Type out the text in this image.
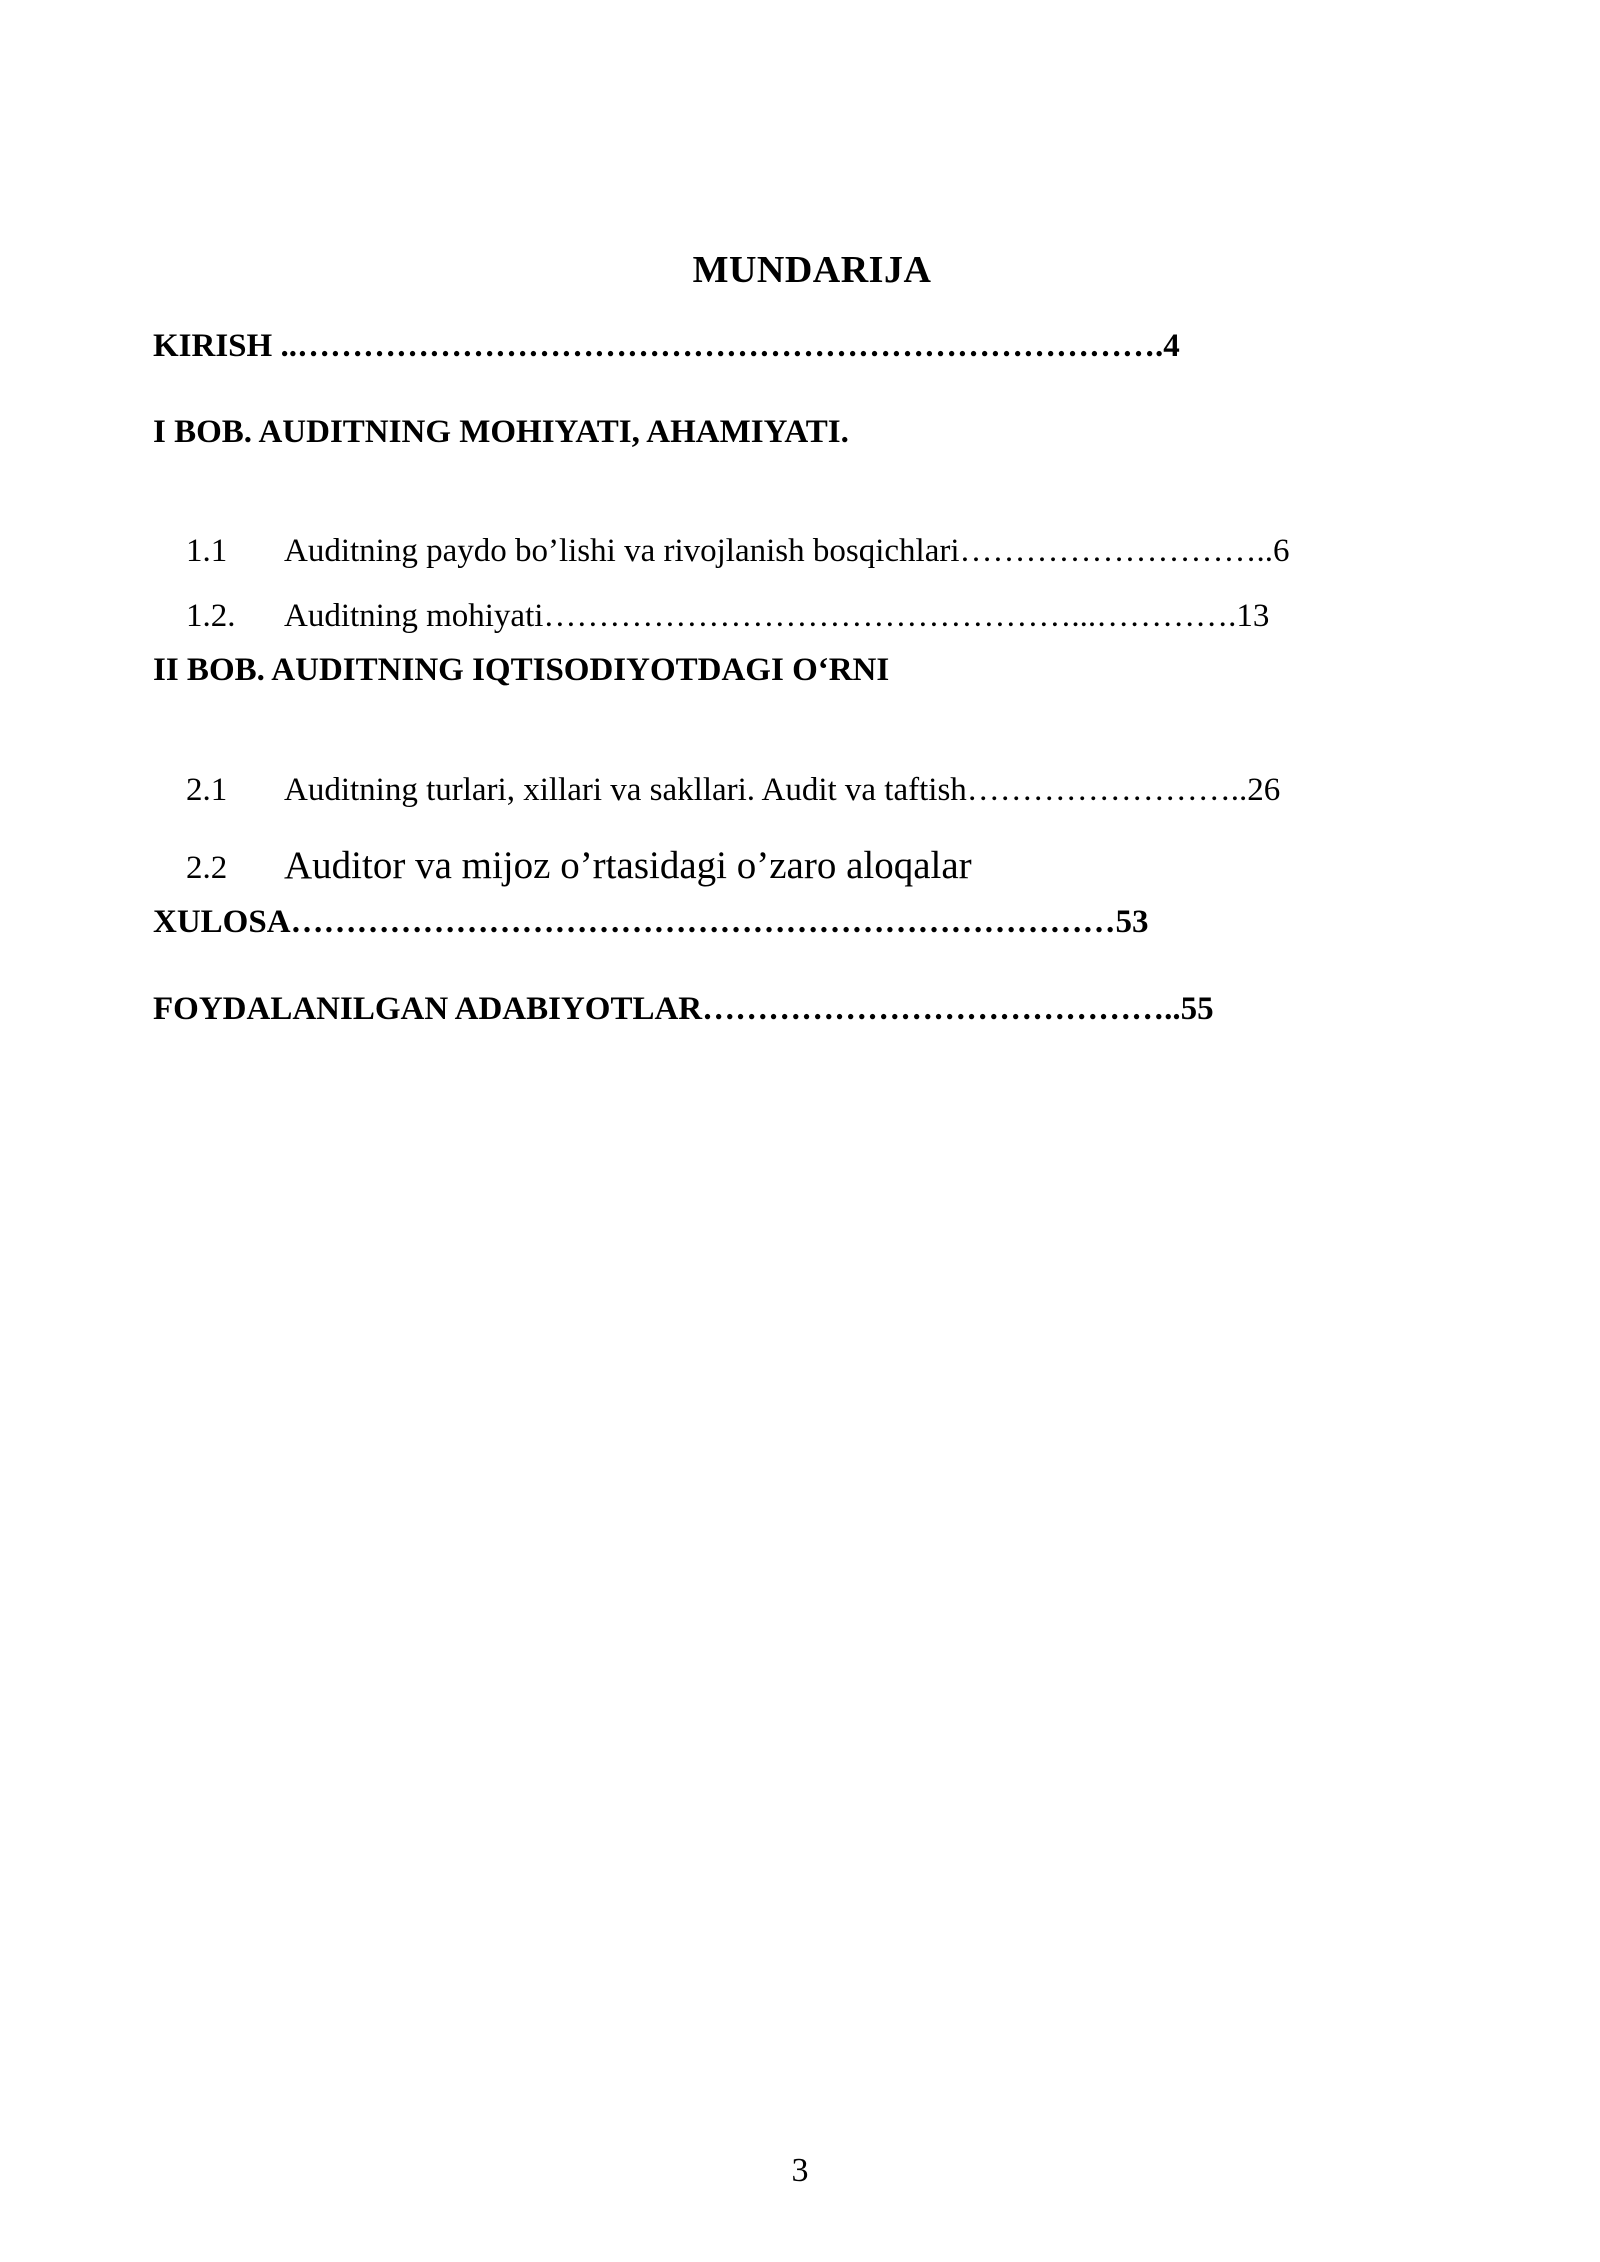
MUNDARIJA
KIRISH ..…………………………………………………………………….4
I BOB. AUDITNING MOHIYATI, AHAMIYATI.

1.1 Auditning paydo bo’lishi va rivojlanish bosqichlari………………………..6

1.2. Auditning mohiyati…………………………………………...………….13

II BOB. AUDITNING IQTISODIYOTDAGI O‘RNI

2.1 Auditning turlari, xillari va sakllari. Audit va taftish……………………..26

2.2 Auditor va mijoz o’rtasidagi o’zaro aloqalar

XULOSA…………………………………………………………………53
FOYDALANILGAN ADABIYOTLAR……………………………………..55
3
